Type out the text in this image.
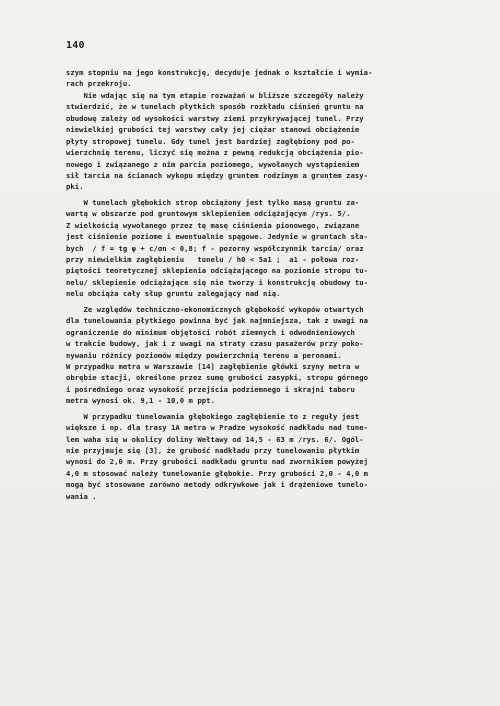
140
szym stopniu na jego konstrukcję, decyduje jednak o kształcie i wymia-
rach przekroju.
Nie wdając się na tym etapie rozważań w bliższe szczegóły należy
stwierdzić, że w tunelach płytkich sposób rozkładu ciśnień gruntu na
obudowę zależy od wysokości warstwy ziemi przykrywającej tunel. Przy
niewielkiej grubości tej warstwy cały jej ciężar stanowi obciążenie
płyty stropowej tunelu. Gdy tunel jest bardziej zagłębiony pod po-
wierzchnię terenu, liczyć się można z pewną redukcją obciążenia pio-
nowego i związanego z nim parcia poziomego, wywołanych wystąpieniem
sił tarcia na ścianach wykopu między gruntem rodzimym a gruntem zasy-
pki.
W tunelach głębokich strop obciążony jest tylko masą gruntu za-
wartą w obszarze pod gruntowym sklepieniem odciążającym /rys. 5/.
Z wielkością wywołanego przez tę masę ciśnienia pionowego, związane
jest ciśnienie poziome i ewentualnie spągowe. Jedynie w gruntach słа-
bych  / f = tg φ + c/σn < 0,8; f - pozorny współczynnik tarcia/ oraz
przy niewielkim zagłębieniu   tunelu / h0 < 5a1 ;  a1 - połowa roz-
piętości teoretycznej sklepienia odciążającego na poziomie stropu tu-
nelu/ sklepienie odciążające się nie tworzy i konstrukcję obudowy tu-
nelu obciąża cały słup gruntu zalegający nad nią.
Ze względów techniczno-ekonomicznych głębokość wykopów otwartych
dla tunelowania płytkiego powinna być jak najmniejsza, tak z uwagi na
ograniczenie do minimum objętości robót ziemnych i odwodnieniowych
w trakcie budowy, jak i z uwagi na straty czasu pasażerów przy poko-
nywaniu różnicy poziomów między powierzchnią terenu a peronami.
W przypadku metra w Warszawie [14] zagłębienie główki szyny metra w
obrębie stacji, określone przez sumę grubości zasypki, stropu górnego
i pośredniego oraz wysokość przejścia podziemnego i skrajni taboru
metra wynosi ok. 9,1 - 10,0 m ppt.
W przypadku tunelowania głębokiego zagłębienie to z reguły jest
większe i np. dla trasy 1A metra w Pradze wysokość nadkładu nad tune-
lem waha się w okolicy doliny Wełtawy od 14,5 - 63 m /rys. 6/. Ogól-
nie przyjmuje się [3], że grubość nadkładu przy tunelowaniu płytkim
wynosi do 2,0 m. Przy grubości nadkładu gruntu nad zwornikiem powyżej
4,0 m stosować należy tunelowanie głębokie. Przy grubości 2,0 - 4,0 m
mogą być stosowane zarówno metody odkrywkowe jak i drążeniowe tunelo-
wania .
